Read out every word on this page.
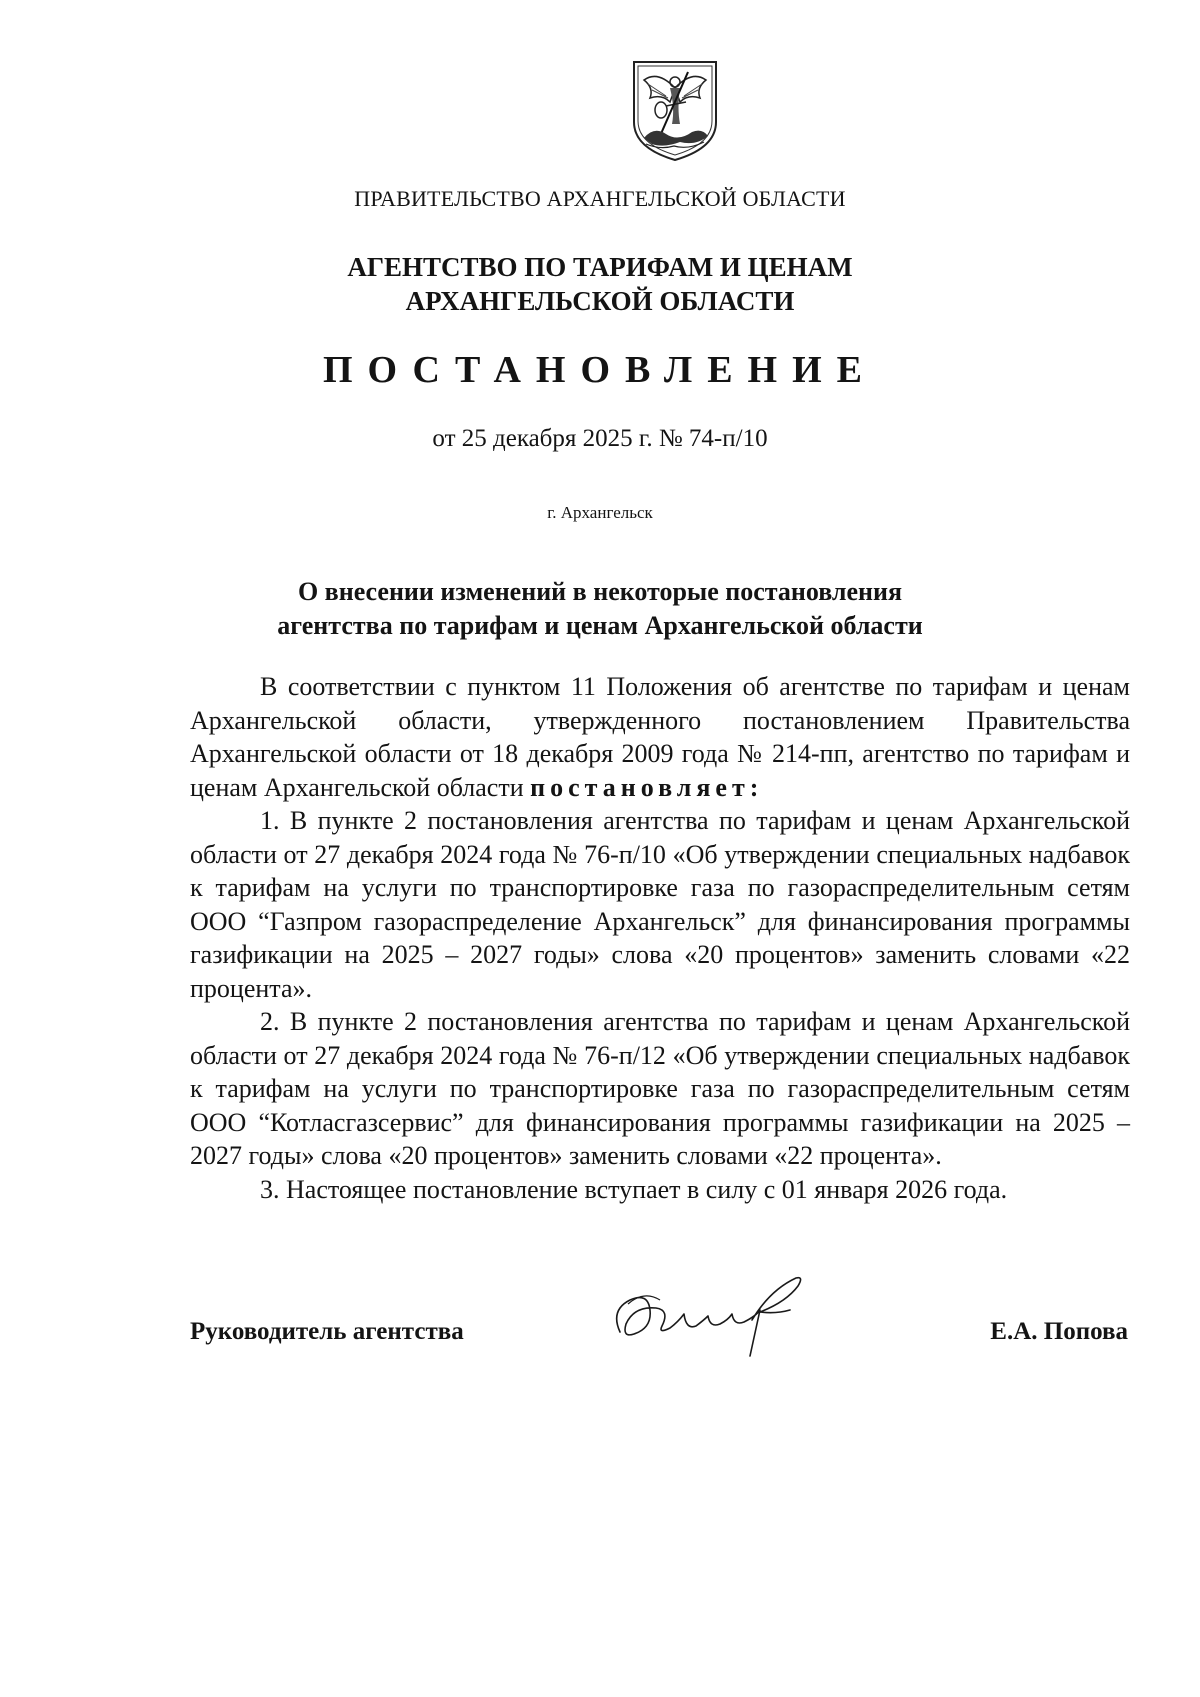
ПРАВИТЕЛЬСТВО АРХАНГЕЛЬСКОЙ ОБЛАСТИ
АГЕНТСТВО ПО ТАРИФАМ И ЦЕНАМ
АРХАНГЕЛЬСКОЙ ОБЛАСТИ
ПОСТАНОВЛЕНИЕ
от 25 декабря 2025 г. № 74-п/10
г. Архангельск
О внесении изменений в некоторые постановления
агентства по тарифам и ценам Архангельской области

В соответствии с пунктом 11 Положения об агентстве по тарифам и ценам Архангельской области, утвержденного постановлением Правительства Архангельской области от 18 декабря 2009 года № 214-пп, агентство по тарифам и ценам Архангельской области постановляет:

1. В пункте 2 постановления агентства по тарифам и ценам Архангельской области от 27 декабря 2024 года № 76-п/10 «Об утверждении специальных надбавок к тарифам на услуги по транспортировке газа по газораспределительным сетям ООО “Газпром газораспределение Архангельск” для финансирования программы газификации на 2025 – 2027 годы» слова «20 процентов» заменить словами «22 процента».

2. В пункте 2 постановления агентства по тарифам и ценам Архангельской области от 27 декабря 2024 года № 76-п/12 «Об утверждении специальных надбавок к тарифам на услуги по транспортировке газа по газораспределительным сетям ООО “Котласгазсервис” для финансирования программы газификации на 2025 – 2027 годы» слова «20 процентов» заменить словами «22 процента».

3. Настоящее постановление вступает в силу с 01 января 2026 года.

Руководитель агентства	Е.А. Попова
